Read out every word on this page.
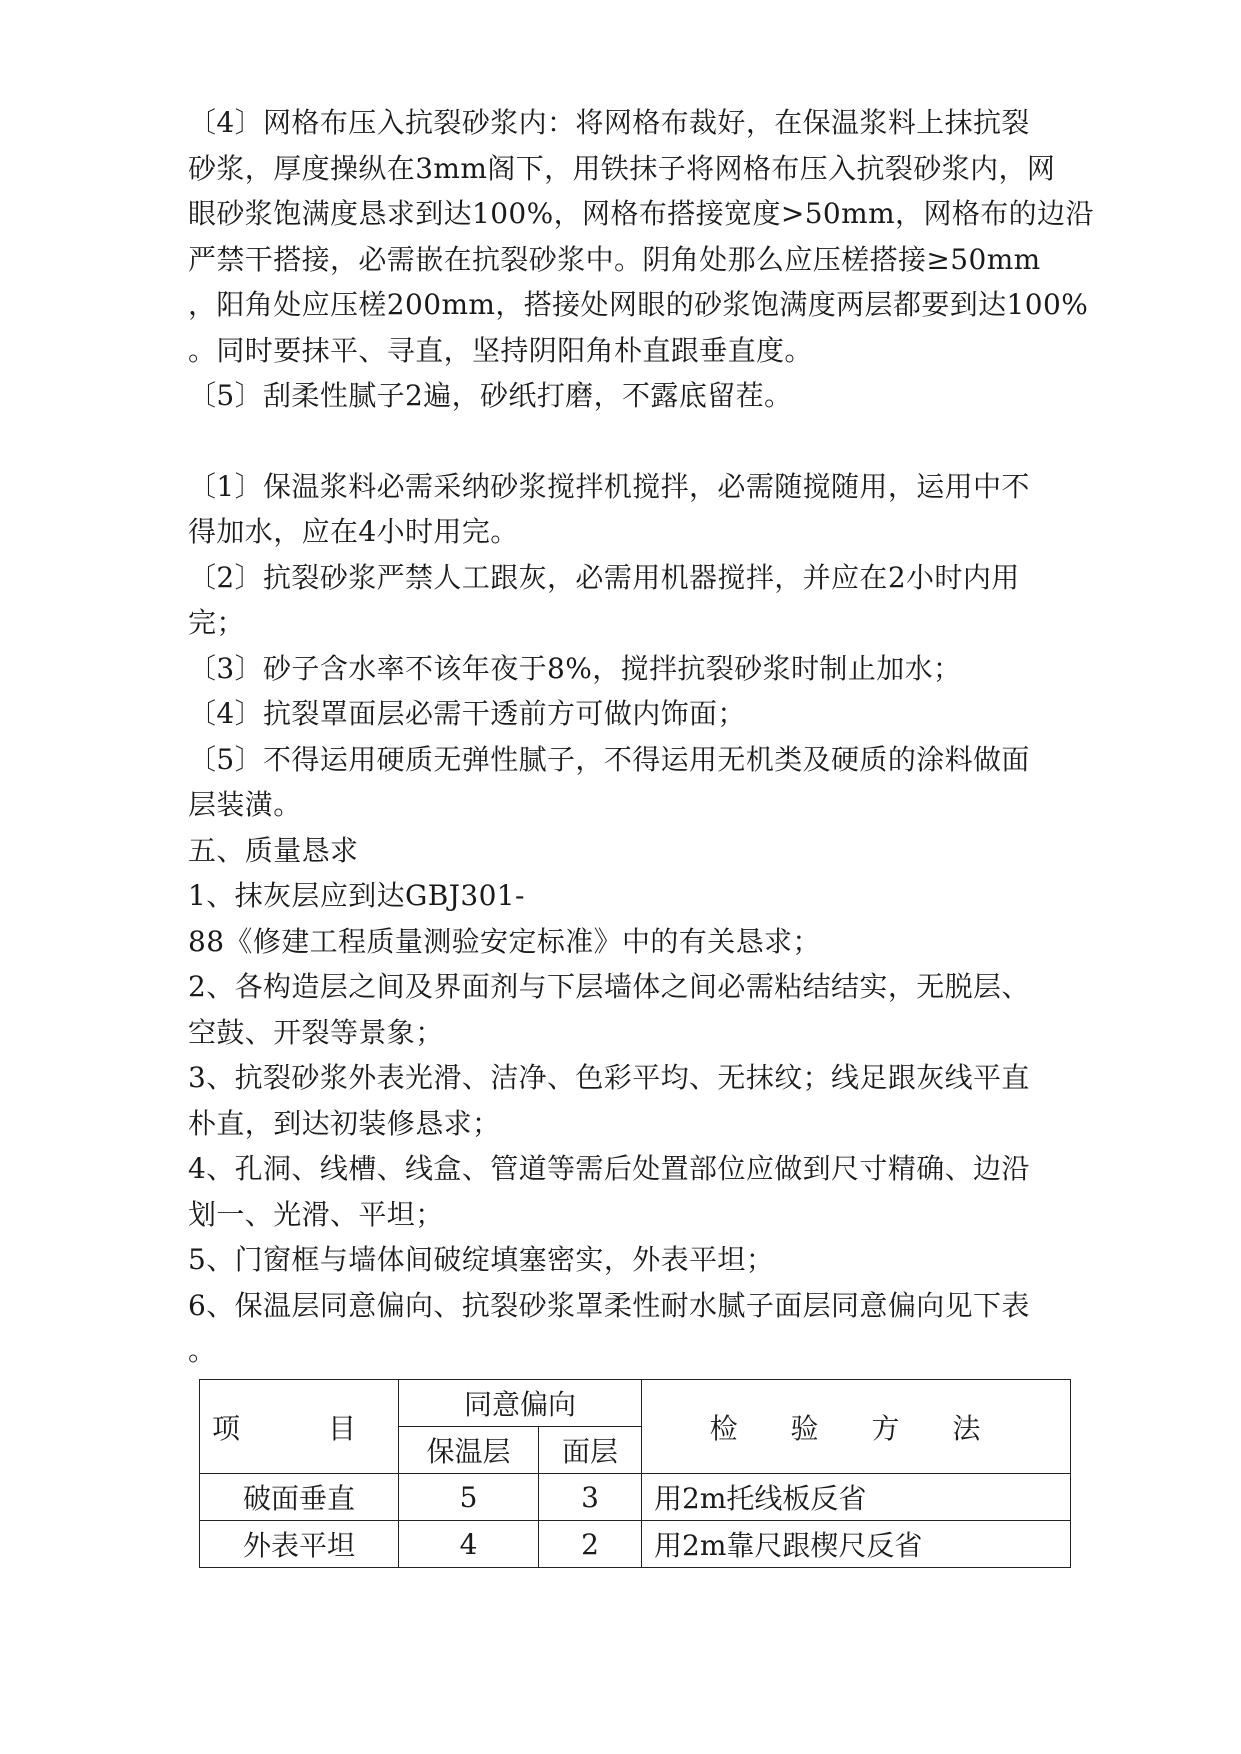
〔4〕网格布压入抗裂砂浆内：将网格布裁好，在保温浆料上抹抗裂
砂浆，厚度操纵在3mm阁下，用铁抹子将网格布压入抗裂砂浆内，网
眼砂浆饱满度恳求到达100%，网格布搭接宽度>50mm，网格布的边沿
严禁干搭接，必需嵌在抗裂砂浆中。阴角处那么应压槎搭接≥50mm
，阳角处应压槎200mm，搭接处网眼的砂浆饱满度两层都要到达100%
。同时要抹平、寻直，坚持阴阳角朴直跟垂直度。
〔5〕刮柔性腻子2遍，砂纸打磨，不露底留茬。
〔1〕保温浆料必需采纳砂浆搅拌机搅拌，必需随搅随用，运用中不
得加水，应在4小时用完。
〔2〕抗裂砂浆严禁人工跟灰，必需用机器搅拌，并应在2小时内用
完；
〔3〕砂子含水率不该年夜于8%，搅拌抗裂砂浆时制止加水；
〔4〕抗裂罩面层必需干透前方可做内饰面；
〔5〕不得运用硬质无弹性腻子，不得运用无机类及硬质的涂料做面
层装潢。
五、质量恳求
1、抹灰层应到达GBJ301-
88《修建工程质量测验安定标准》中的有关恳求；
2、各构造层之间及界面剂与下层墙体之间必需粘结结实，无脱层、
空鼓、开裂等景象；
3、抗裂砂浆外表光滑、洁净、色彩平均、无抹纹；线足跟灰线平直
朴直，到达初装修恳求；
4、孔洞、线槽、线盒、管道等需后处置部位应做到尺寸精确、边沿
划一、光滑、平坦；
5、门窗框与墙体间破绽填塞密实，外表平坦；
6、保温层同意偏向、抗裂砂浆罩柔性耐水腻子面层同意偏向见下表
。
项　目	同意偏向		检 验 方 法
	保温层	面层	
破面垂直	5	3	用2m托线板反省
外表平坦	4	2	用2m靠尺跟楔尺反省
